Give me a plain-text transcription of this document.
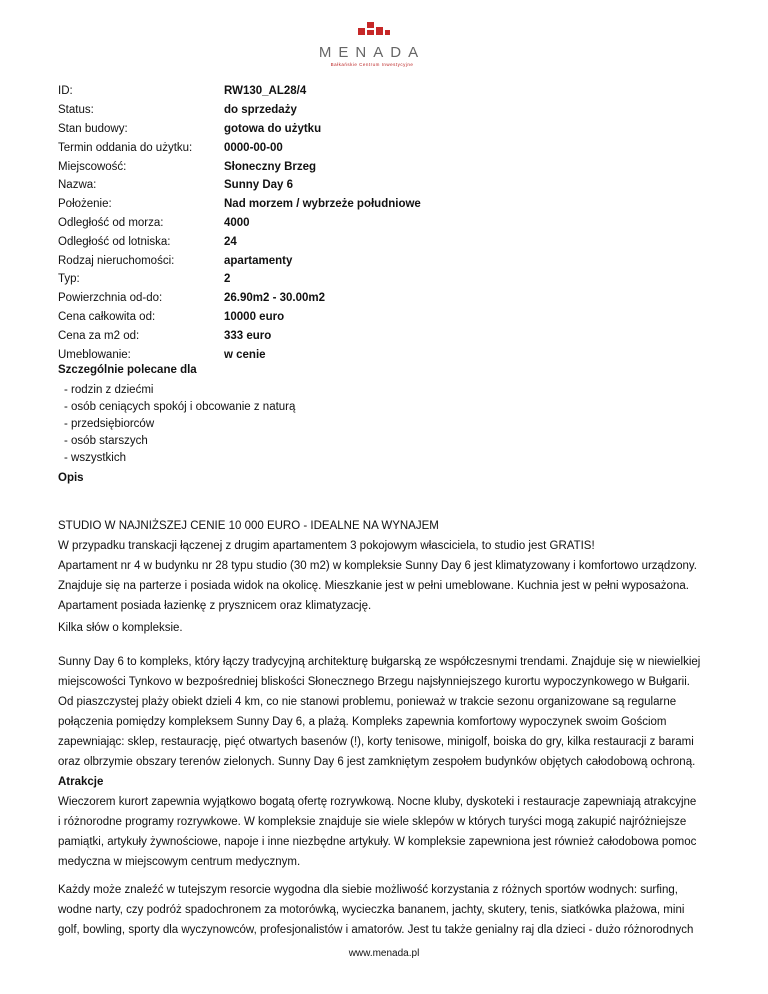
MENADA
Bałkańskie Centrum Inwestycyjne
ID:	RW130_AL28/4
Status:	do sprzedaży
Stan budowy:	gotowa do użytku
Termin oddania do użytku:	0000-00-00
Miejscowość:	Słoneczny Brzeg
Nazwa:	Sunny Day 6
Położenie:	Nad morzem / wybrzeże południowe
Odległość od morza:	4000
Odległość od lotniska:	24
Rodzaj nieruchomości:	apartamenty
Typ:	2
Powierzchnia od-do:	26.90m2 - 30.00m2
Cena całkowita od:	10000 euro
Cena za m2 od:	333 euro
Umeblowanie:	w cenie
Szczególnie polecane dla
- rodzin z dziećmi
- osób ceniących spokój i obcowanie z naturą
- przedsiębiorców
- osób starszych
- wszystkich
Opis
STUDIO W NAJNIŻSZEJ CENIE 10 000 EURO - IDEALNE NA WYNAJEM
W przypadku transkacji łączenej z drugim apartamentem 3 pokojowym własciciela, to studio jest GRATIS!
Apartament nr 4 w budynku nr 28 typu studio (30 m2) w kompleksie Sunny Day 6 jest klimatyzowany i komfortowo urządzony.
Znajduje się na parterze i posiada widok na okolicę. Mieszkanie jest w pełni umeblowane. Kuchnia jest w pełni wyposażona.
Apartament posiada łazienkę z prysznicem oraz klimatyzację.
Kilka słów o kompleksie.
Sunny Day 6 to kompleks, który łączy tradycyjną architekturę bułgarską ze współczesnymi trendami. Znajduje się w niewielkiej
miejscowości Tynkovo w bezpośredniej bliskości Słonecznego Brzegu najsłynniejszego kurortu wypoczynkowego w Bułgarii.
Od piaszczystej plaży obiekt dzieli 4 km, co nie stanowi problemu, ponieważ w trakcie sezonu organizowane są regularne
połączenia pomiędzy kompleksem Sunny Day 6, a plażą. Kompleks zapewnia komfortowy wypoczynek swoim Gościom
zapewniając: sklep, restaurację, pięć otwartych basenów (!), korty tenisowe, minigolf, boiska do gry, kilka restauracji z barami
oraz olbrzymie obszary terenów zielonych. Sunny Day 6 jest zamkniętym zespołem budynków objętych całodobową ochroną.
Atrakcje
Wieczorem kurort zapewnia wyjątkowo bogatą ofertę rozrywkową. Nocne kluby, dyskoteki i restauracje zapewniają atrakcyjne
i różnorodne programy rozrywkowe. W kompleksie znajduje sie wiele sklepów w których turyści mogą zakupić najróżniejsze
pamiątki, artykuły żywnościowe, napoje i inne niezbędne artykuły. W kompleksie zapewniona jest również całodobowa pomoc
medyczna w miejscowym centrum medycznym.
Każdy może znaleźć w tutejszym resorcie wygodna dla siebie możliwość korzystania z różnych sportów wodnych: surfing,
wodne narty, czy podróż spadochronem za motorówką, wycieczka bananem, jachty, skutery, tenis, siatkówka plażowa, mini
golf, bowling, sporty dla wyczynowców, profesjonalistów i amatorów. Jest tu także genialny raj dla dzieci - dużo różnorodnych
www.menada.pl
